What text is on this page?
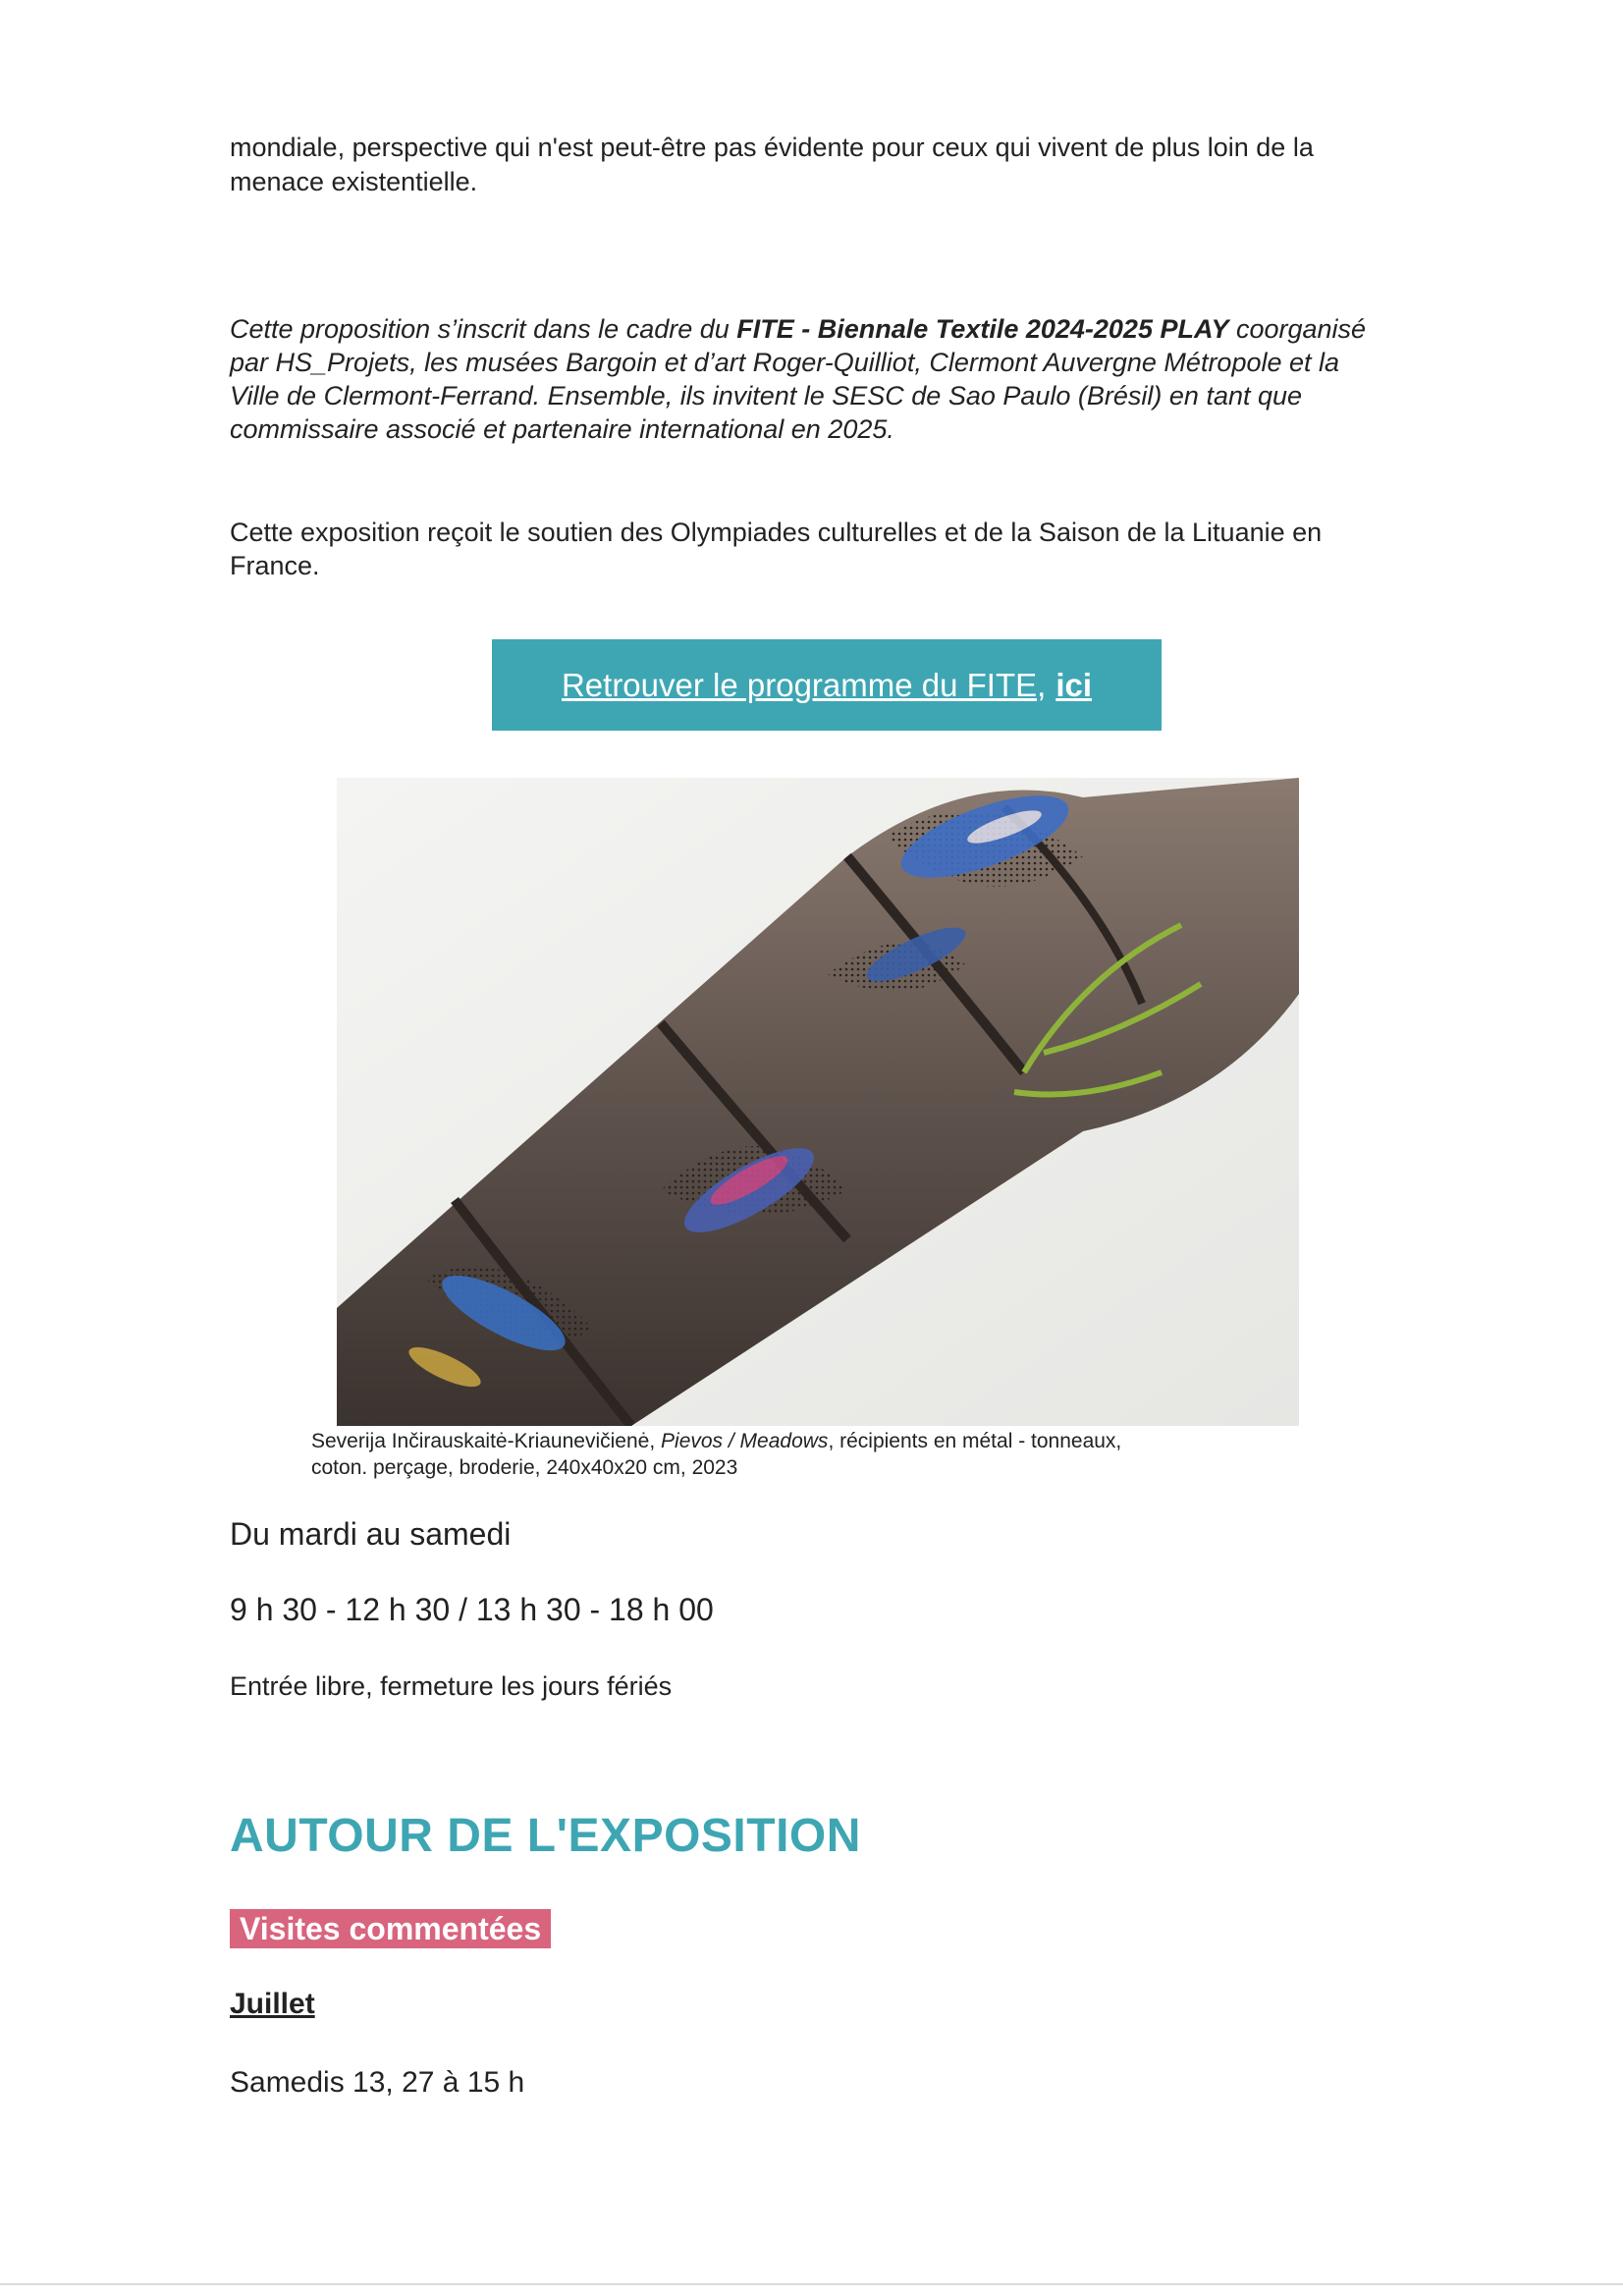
mondiale, perspective qui n'est peut-être pas évidente pour ceux qui vivent de plus loin de la

menace existentielle.

Cette proposition s’inscrit dans le cadre du FITE - Biennale Textile 2024-2025 PLAY coorganisé

par HS_Projets, les musées Bargoin et d’art Roger-Quilliot, Clermont Auvergne Métropole et la

Ville de Clermont-Ferrand. Ensemble, ils invitent le SESC de Sao Paulo (Brésil) en tant que

commissaire associé et partenaire international en 2025.

Cette exposition reçoit le soutien des Olympiades culturelles et de la Saison de la Lituanie en

France.

Retrouver le programme du FITE, ici
Severija Inčirauskaitė-Kriaunevičienė, Pievos / Meadows, récipients en métal - tonneaux,
coton. perçage, broderie, 240x40x20 cm, 2023
Du mardi au samedi
9 h 30 - 12 h 30 / 13 h 30 - 18 h 00
Entrée libre, fermeture les jours fériés
AUTOUR DE L'EXPOSITION
Visites commentées
Juillet
Samedis 13, 27 à 15 h
